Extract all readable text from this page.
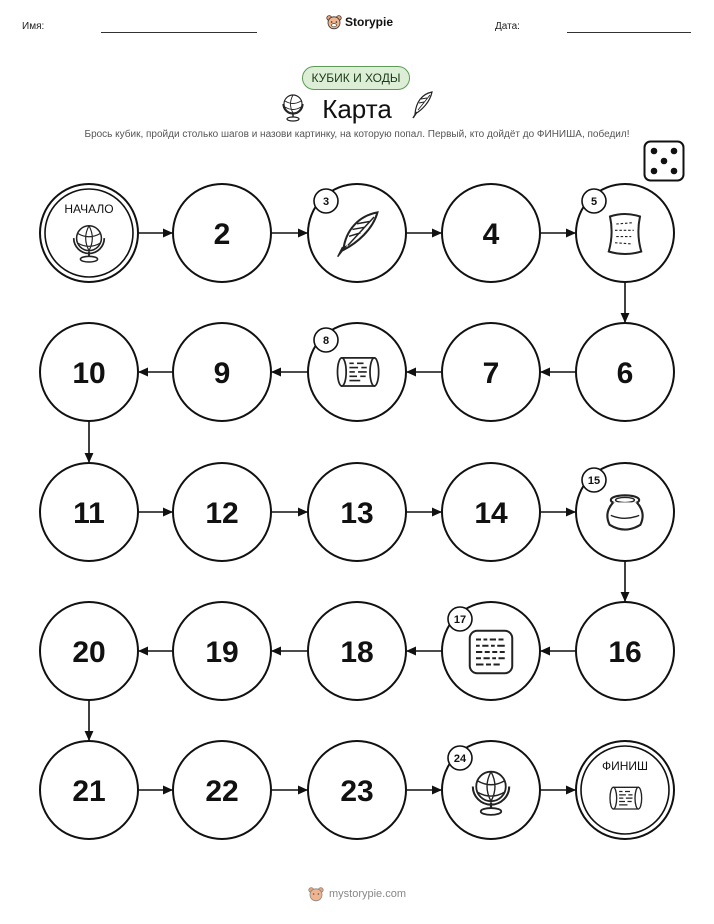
Имя:	Storypie	Дата:
КУБИК И ХОДЫ
Карта
Брось кубик, пройди столько шагов и назови картинку, на которую попал. Первый, кто дойдёт до ФИНИША, победил!
НАЧАЛО
2
3
4
5
10	9
8
7	6
11	12	13	14
15
20	19	18
17
16
21	22	23
24	ФИНИШ
mystorypie.com
